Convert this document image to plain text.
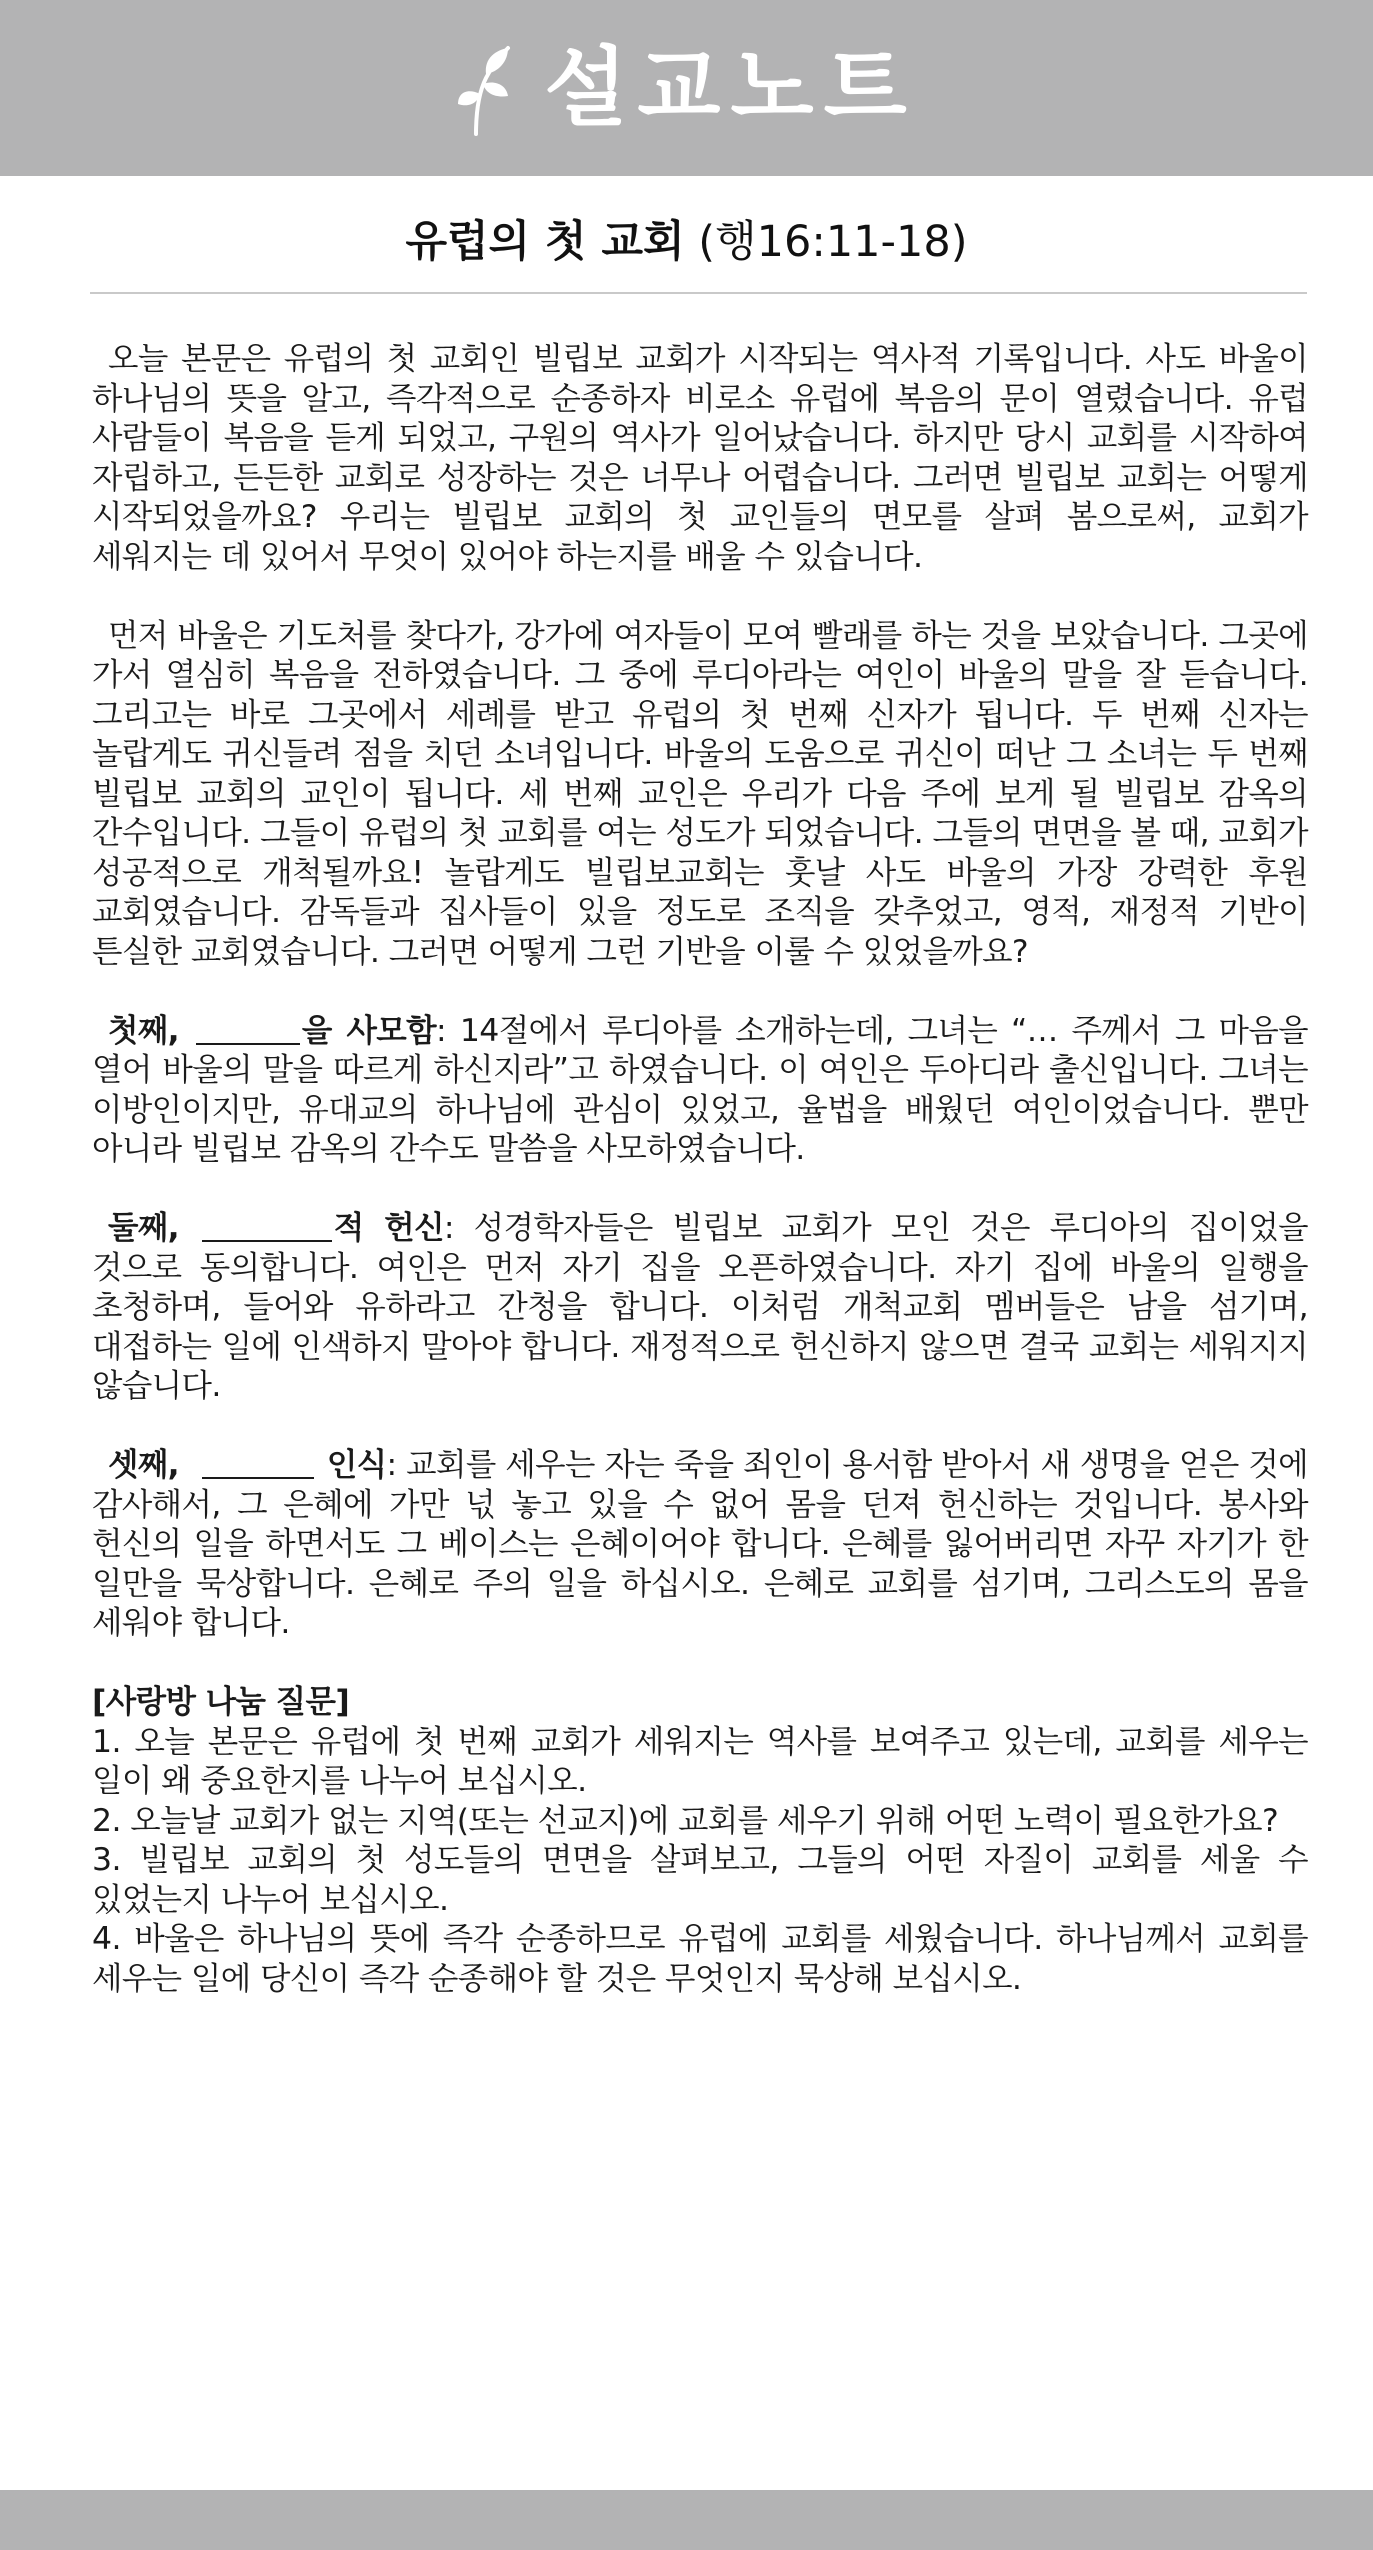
설교노트
유럽의 첫 교회 (행16:11-18)

오늘 본문은 유럽의 첫 교회인 빌립보 교회가 시작되는 역사적 기록입니다. 사도 바울이 하나님의 뜻을 알고, 즉각적으로 순종하자 비로소 유럽에 복음의 문이 열렸습니다. 유럽 사람들이 복음을 듣게 되었고, 구원의 역사가 일어났습니다. 하지만 당시 교회를 시작하여 자립하고, 든든한 교회로 성장하는 것은 너무나 어렵습니다. 그러면 빌립보 교회는 어떻게 시작되었을까요? 우리는 빌립보 교회의 첫 교인들의 면모를 살펴 봄으로써, 교회가 세워지는 데 있어서 무엇이 있어야 하는지를 배울 수 있습니다.

먼저 바울은 기도처를 찾다가, 강가에 여자들이 모여 빨래를 하는 것을 보았습니다. 그곳에 가서 열심히 복음을 전하였습니다. 그 중에 루디아라는 여인이 바울의 말을 잘 듣습니다. 그리고는 바로 그곳에서 세례를 받고 유럽의 첫 번째 신자가 됩니다. 두 번째 신자는 놀랍게도 귀신들려 점을 치던 소녀입니다. 바울의 도움으로 귀신이 떠난 그 소녀는 두 번째 빌립보 교회의 교인이 됩니다. 세 번째 교인은 우리가 다음 주에 보게 될 빌립보 감옥의 간수입니다. 그들이 유럽의 첫 교회를 여는 성도가 되었습니다. 그들의 면면을 볼 때, 교회가 성공적으로 개척될까요! 놀랍게도 빌립보교회는 훗날 사도 바울의 가장 강력한 후원 교회였습니다. 감독들과 집사들이 있을 정도로 조직을 갖추었고, 영적, 재정적 기반이 튼실한 교회였습니다. 그러면 어떻게 그런 기반을 이룰 수 있었을까요?

첫째,	을 사모함: 14절에서 루디아를 소개하는데, 그녀는 “… 주께서 그 마음을 열어 바울의 말을 따르게 하신지라”고 하였습니다. 이 여인은 두아디라 출신입니다. 그녀는 이방인이지만, 유대교의 하나님에 관심이 있었고, 율법을 배웠던 여인이었습니다. 뿐만 아니라 빌립보 감옥의 간수도 말씀을 사모하였습니다.

둘째,	적 헌신: 성경학자들은 빌립보 교회가 모인 것은 루디아의 집이었을 것으로 동의합니다. 여인은 먼저 자기 집을 오픈하였습니다. 자기 집에 바울의 일행을 초청하며, 들어와 유하라고 간청을 합니다. 이처럼 개척교회 멤버들은 남을 섬기며, 대접하는 일에 인색하지 말아야 합니다. 재정적으로 헌신하지 않으면 결국 교회는 세워지지 않습니다.

셋째,	인식: 교회를 세우는 자는 죽을 죄인이 용서함 받아서 새 생명을 얻은 것에 감사해서, 그 은혜에 가만 넋 놓고 있을 수 없어 몸을 던져 헌신하는 것입니다. 봉사와 헌신의 일을 하면서도 그 베이스는 은혜이어야 합니다. 은혜를 잃어버리면 자꾸 자기가 한 일만을 묵상합니다. 은혜로 주의 일을 하십시오. 은혜로 교회를 섬기며, 그리스도의 몸을 세워야 합니다.

[사랑방 나눔 질문]
1. 오늘 본문은 유럽에 첫 번째 교회가 세워지는 역사를 보여주고 있는데, 교회를 세우는 일이 왜 중요한지를 나누어 보십시오.
2. 오늘날 교회가 없는 지역(또는 선교지)에 교회를 세우기 위해 어떤 노력이 필요한가요?
3. 빌립보 교회의 첫 성도들의 면면을 살펴보고, 그들의 어떤 자질이 교회를 세울 수 있었는지 나누어 보십시오.
4. 바울은 하나님의 뜻에 즉각 순종하므로 유럽에 교회를 세웠습니다. 하나님께서 교회를 세우는 일에 당신이 즉각 순종해야 할 것은 무엇인지 묵상해 보십시오.
